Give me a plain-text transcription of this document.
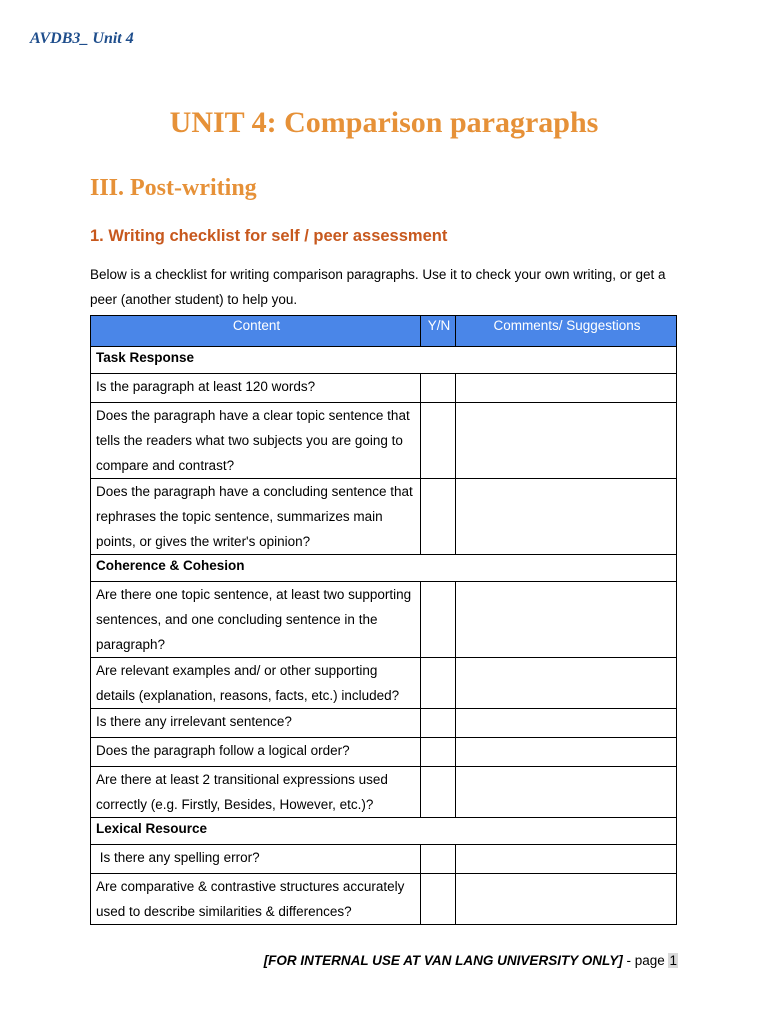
AVDB3_ Unit 4
UNIT 4: Comparison paragraphs
III. Post-writing
1. Writing checklist for self / peer assessment

Below is a checklist for writing comparison paragraphs. Use it to check your own writing, or get a peer (another student) to help you.

Content	Y/N	Comments/ Suggestions
Task Response		
Is the paragraph at least 120 words?		
Does the paragraph have a clear topic sentence that tells the readers what two subjects you are going to compare and contrast?		
Does the paragraph have a concluding sentence that rephrases the topic sentence, summarizes main points, or gives the writer's opinion?		
Coherence & Cohesion		
Are there one topic sentence, at least two supporting sentences, and one concluding sentence in the paragraph?		
Are relevant examples and/ or other supporting details (explanation, reasons, facts, etc.) included?		
Is there any irrelevant sentence?		
Does the paragraph follow a logical order?		
Are there at least 2 transitional expressions used correctly (e.g. Firstly, Besides, However, etc.)?		
Lexical Resource		
Is there any spelling error?		
Are comparative & contrastive structures accurately used to describe similarities & differences?		
[FOR INTERNAL USE AT VAN LANG UNIVERSITY ONLY] - page 1
